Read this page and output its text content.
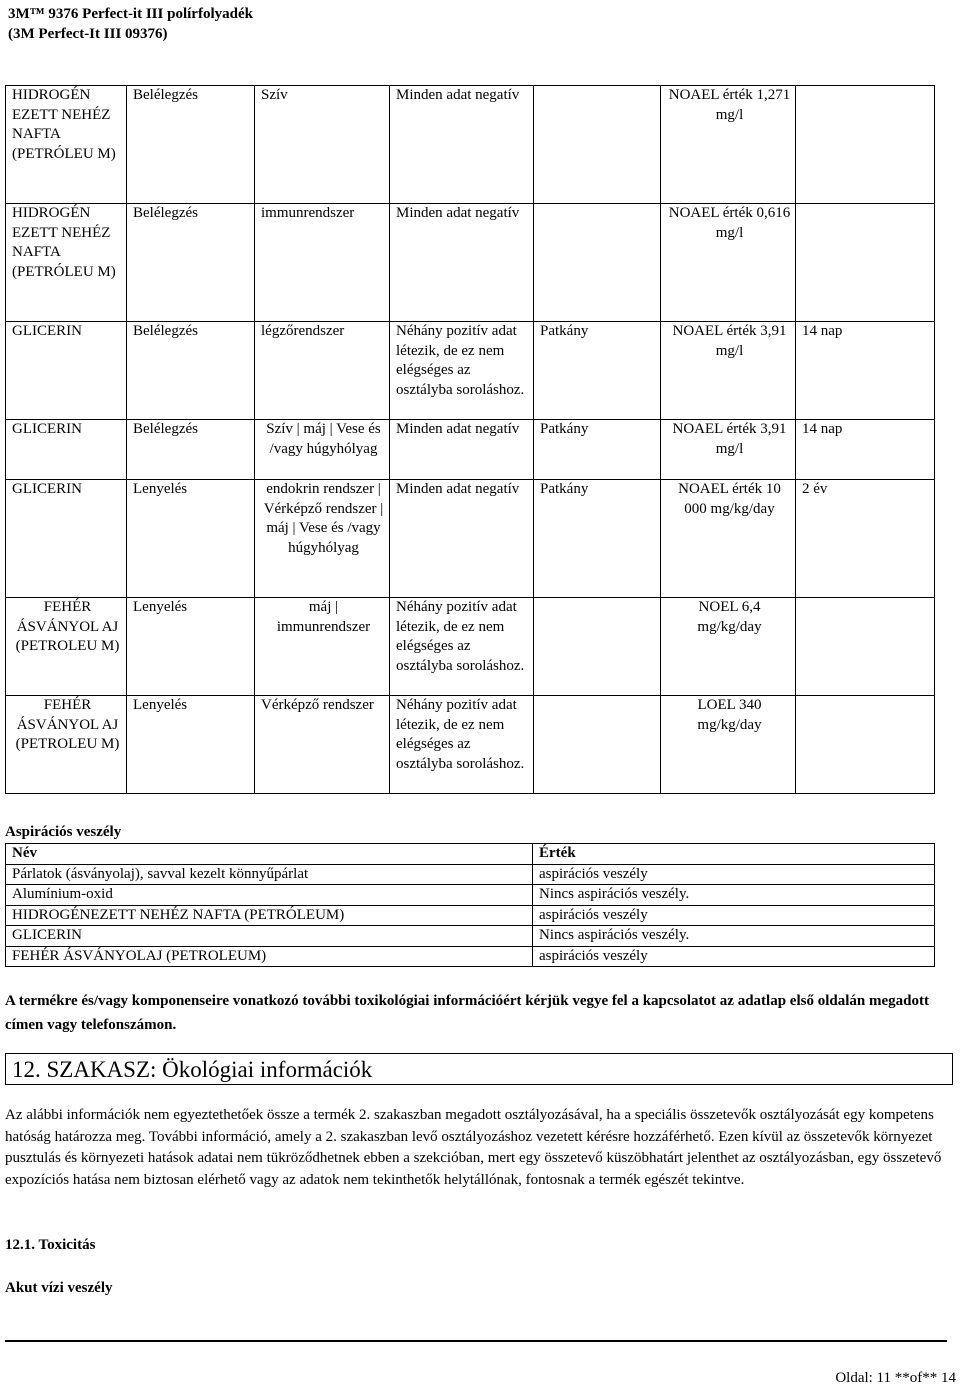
3M™ 9376 Perfect-it III polírfolyadék
(3M Perfect-It III 09376)
HIDROGÉN EZETT NEHÉZ NAFTA (PETRÓLEU M)	Belélegzés	Szív	Minden adat negatív		NOAEL érték 1,271 mg/l	
HIDROGÉN EZETT NEHÉZ NAFTA (PETRÓLEU M)	Belélegzés	immunrendszer	Minden adat negatív		NOAEL érték 0,616 mg/l	
GLICERIN	Belélegzés	légzőrendszer	Néhány pozitív adat létezik, de ez nem elégséges az osztályba soroláshoz.	Patkány	NOAEL érték 3,91 mg/l	14 nap
GLICERIN	Belélegzés	Szív | máj | Vese és /vagy húgyhólyag	Minden adat negatív	Patkány	NOAEL érték 3,91 mg/l	14 nap
GLICERIN	Lenyelés	endokrin rendszer | Vérképző rendszer | máj | Vese és /vagy húgyhólyag	Minden adat negatív	Patkány	NOAEL érték 10 000 mg/kg/day	2 év
FEHÉR ÁSVÁNYOL AJ (PETROLEU M)	Lenyelés	máj | immunrendszer	Néhány pozitív adat létezik, de ez nem elégséges az osztályba soroláshoz.		NOEL 6,4 mg/kg/day	
FEHÉR ÁSVÁNYOL AJ (PETROLEU M)	Lenyelés	Vérképző rendszer	Néhány pozitív adat létezik, de ez nem elégséges az osztályba soroláshoz.		LOEL 340 mg/kg/day	
Aspirációs veszély
Név	Érték
Párlatok (ásványolaj), savval kezelt könnyűpárlat	aspirációs veszély
Alumínium-oxid	Nincs aspirációs veszély.
HIDROGÉNEZETT NEHÉZ NAFTA (PETRÓLEUM)	aspirációs veszély
GLICERIN	Nincs aspirációs veszély.
FEHÉR ÁSVÁNYOLAJ (PETROLEUM)	aspirációs veszély
A termékre és/vagy komponenseire vonatkozó további toxikológiai információért kérjük vegye fel a kapcsolatot az adatlap első oldalán megadott címen vagy telefonszámon.
12. SZAKASZ: Ökológiai információk
Az alábbi információk nem egyeztethetőek össze a termék 2. szakaszban megadott osztályozásával, ha a speciális összetevők osztályozását egy kompetens hatóság határozza meg. További információ, amely a 2. szakaszban levő osztályozáshoz vezetett kérésre hozzáférhető. Ezen kívül az összetevők környezet pusztulás és környezeti hatások adatai nem tükröződhetnek ebben a szekcióban, mert egy összetevő küszöbhatárt jelenthet az osztályozásban, egy összetevő expozíciós hatása nem biztosan elérhető vagy az adatok nem tekinthetők helytállónak, fontosnak a termék egészét tekintve.
12.1. Toxicitás
Akut vízi veszély
Oldal: 11 **of** 14
